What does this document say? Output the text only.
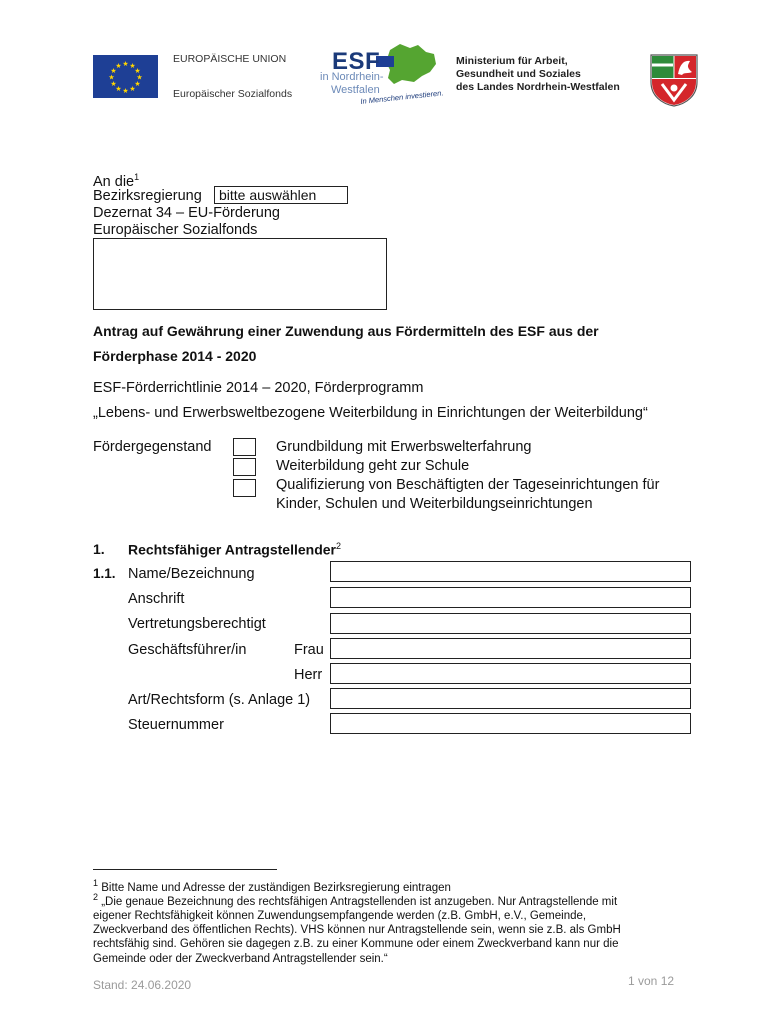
★ ★
★
★
★
★
★
★
★
★
★
★
EUROPÄISCHE UNION
Europäischer Sozialfonds
ESF
in Nordrhein-
Westfalen
In Menschen investieren.
Ministerium für Arbeit,
Gesundheit und Soziales
des Landes Nordrhein-Westfalen
An die$^1$
Bezirksregierung	bitte auswählen
Dezernat 34 – EU-Förderung
Europäischer Sozialfonds
Antrag auf Gewährung einer Zuwendung aus Fördermitteln des ESF aus der
Förderphase 2014 - 2020
ESF-Förderrichtlinie 2014 – 2020, Förderprogramm
„Lebens- und Erwerbsweltbezogene Weiterbildung in Einrichtungen der Weiterbildung“
Fördergegenstand	Grundbildung mit Erwerbswelterfahrung
Weiterbildung geht zur Schule
Qualifizierung von Beschäftigten der Tageseinrichtungen für
Kinder, Schulen und Weiterbildungseinrichtungen
1. Rechtsfähiger Antragstellender$^2$
1.1. Name/Bezeichnung
Anschrift
Vertretungsberechtigt
Geschäftsführer/in	Frau
Herr
Art/Rechtsform (s. Anlage 1)
Steuernummer
$^1$ Bitte Name und Adresse der zuständigen Bezirksregierung eintragen
$^2$ „Die genaue Bezeichnung des rechtsfähigen Antragstellenden ist anzugeben. Nur Antragstellende mit
eigener Rechtsfähigkeit können Zuwendungsempfangende werden (z.B. GmbH, e.V., Gemeinde,
Zweckverband des öffentlichen Rechts). VHS können nur Antragstellende sein, wenn sie z.B. als GmbH
rechtsfähig sind. Gehören sie dagegen z.B. zu einer Kommune oder einem Zweckverband kann nur die
Gemeinde oder der Zweckverband Antragstellender sein.“
Stand: 24.06.2020	1 von 12
